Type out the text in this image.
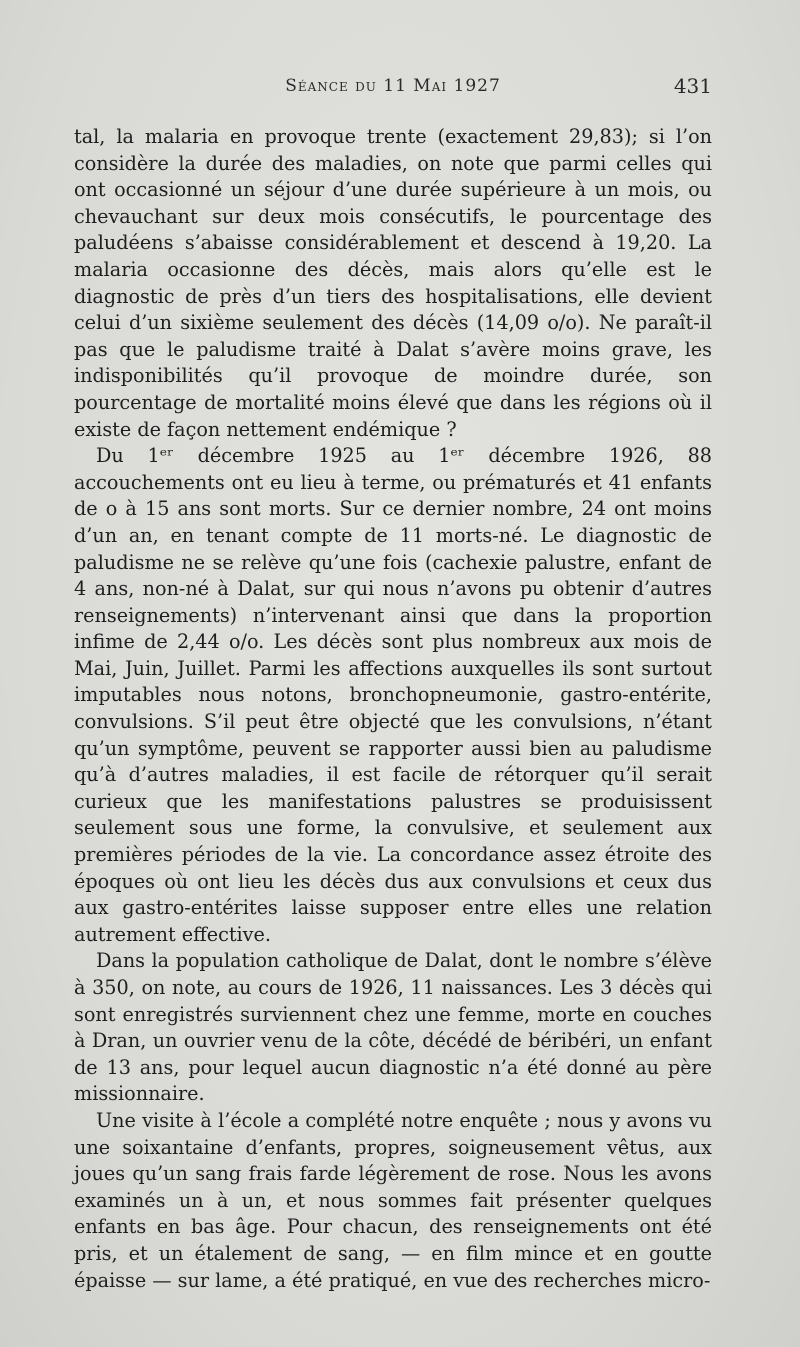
Séance du 11 Mai 1927	431

tal, la malaria en provoque trente (exactement 29,83); si l’on considère la durée des maladies, on note que parmi celles qui ont occasionné un séjour d’une durée supérieure à un mois, ou chevauchant sur deux mois consécutifs, le pourcentage des paludéens s’abaisse considérablement et descend à 19,20. La malaria occasionne des décès, mais alors qu’elle est le diagnostic de près d’un tiers des hospitalisations, elle devient celui d’un sixième seulement des décès (14,09 o/o). Ne paraît-il pas que le paludisme traité à Dalat s’avère moins grave, les indisponibilités qu’il provoque de moindre durée, son pourcentage de mortalité moins élevé que dans les régions où il existe de façon nettement endémique ?

Du 1ᵉʳ décembre 1925 au 1ᵉʳ décembre 1926, 88 accouchements ont eu lieu à terme, ou prématurés et 41 enfants de o à 15 ans sont morts. Sur ce dernier nombre, 24 ont moins d’un an, en tenant compte de 11 morts-né. Le diagnostic de paludisme ne se relève qu’une fois (cachexie palustre, enfant de 4 ans, non-né à Dalat, sur qui nous n’avons pu obtenir d’autres renseignements) n’intervenant ainsi que dans la proportion infime de 2,44 o/o. Les décès sont plus nombreux aux mois de Mai, Juin, Juillet. Parmi les affections auxquelles ils sont surtout imputables nous notons, bronchopneumonie, gastro-entérite, convulsions. S’il peut être objecté que les convulsions, n’étant qu’un symptôme, peuvent se rapporter aussi bien au paludisme qu’à d’autres maladies, il est facile de rétorquer qu’il serait curieux que les manifestations palustres se produisissent seulement sous une forme, la convulsive, et seulement aux premières périodes de la vie. La concordance assez étroite des époques où ont lieu les décès dus aux convulsions et ceux dus aux gastro-entérites laisse supposer entre elles une relation autrement effective.

Dans la population catholique de Dalat, dont le nombre s’élève à 350, on note, au cours de 1926, 11 naissances. Les 3 décès qui sont enregistrés surviennent chez une femme, morte en couches à Dran, un ouvrier venu de la côte, décédé de béribéri, un enfant de 13 ans, pour lequel aucun diagnostic n’a été donné au père missionnaire.

Une visite à l’école a complété notre enquête ; nous y avons vu une soixantaine d’enfants, propres, soigneusement vêtus, aux joues qu’un sang frais farde légèrement de rose. Nous les avons examinés un à un, et nous sommes fait présenter quelques enfants en bas âge. Pour chacun, des renseignements ont été pris, et un étalement de sang, — en film mince et en goutte épaisse — sur lame, a été pratiqué, en vue des recherches micro-
